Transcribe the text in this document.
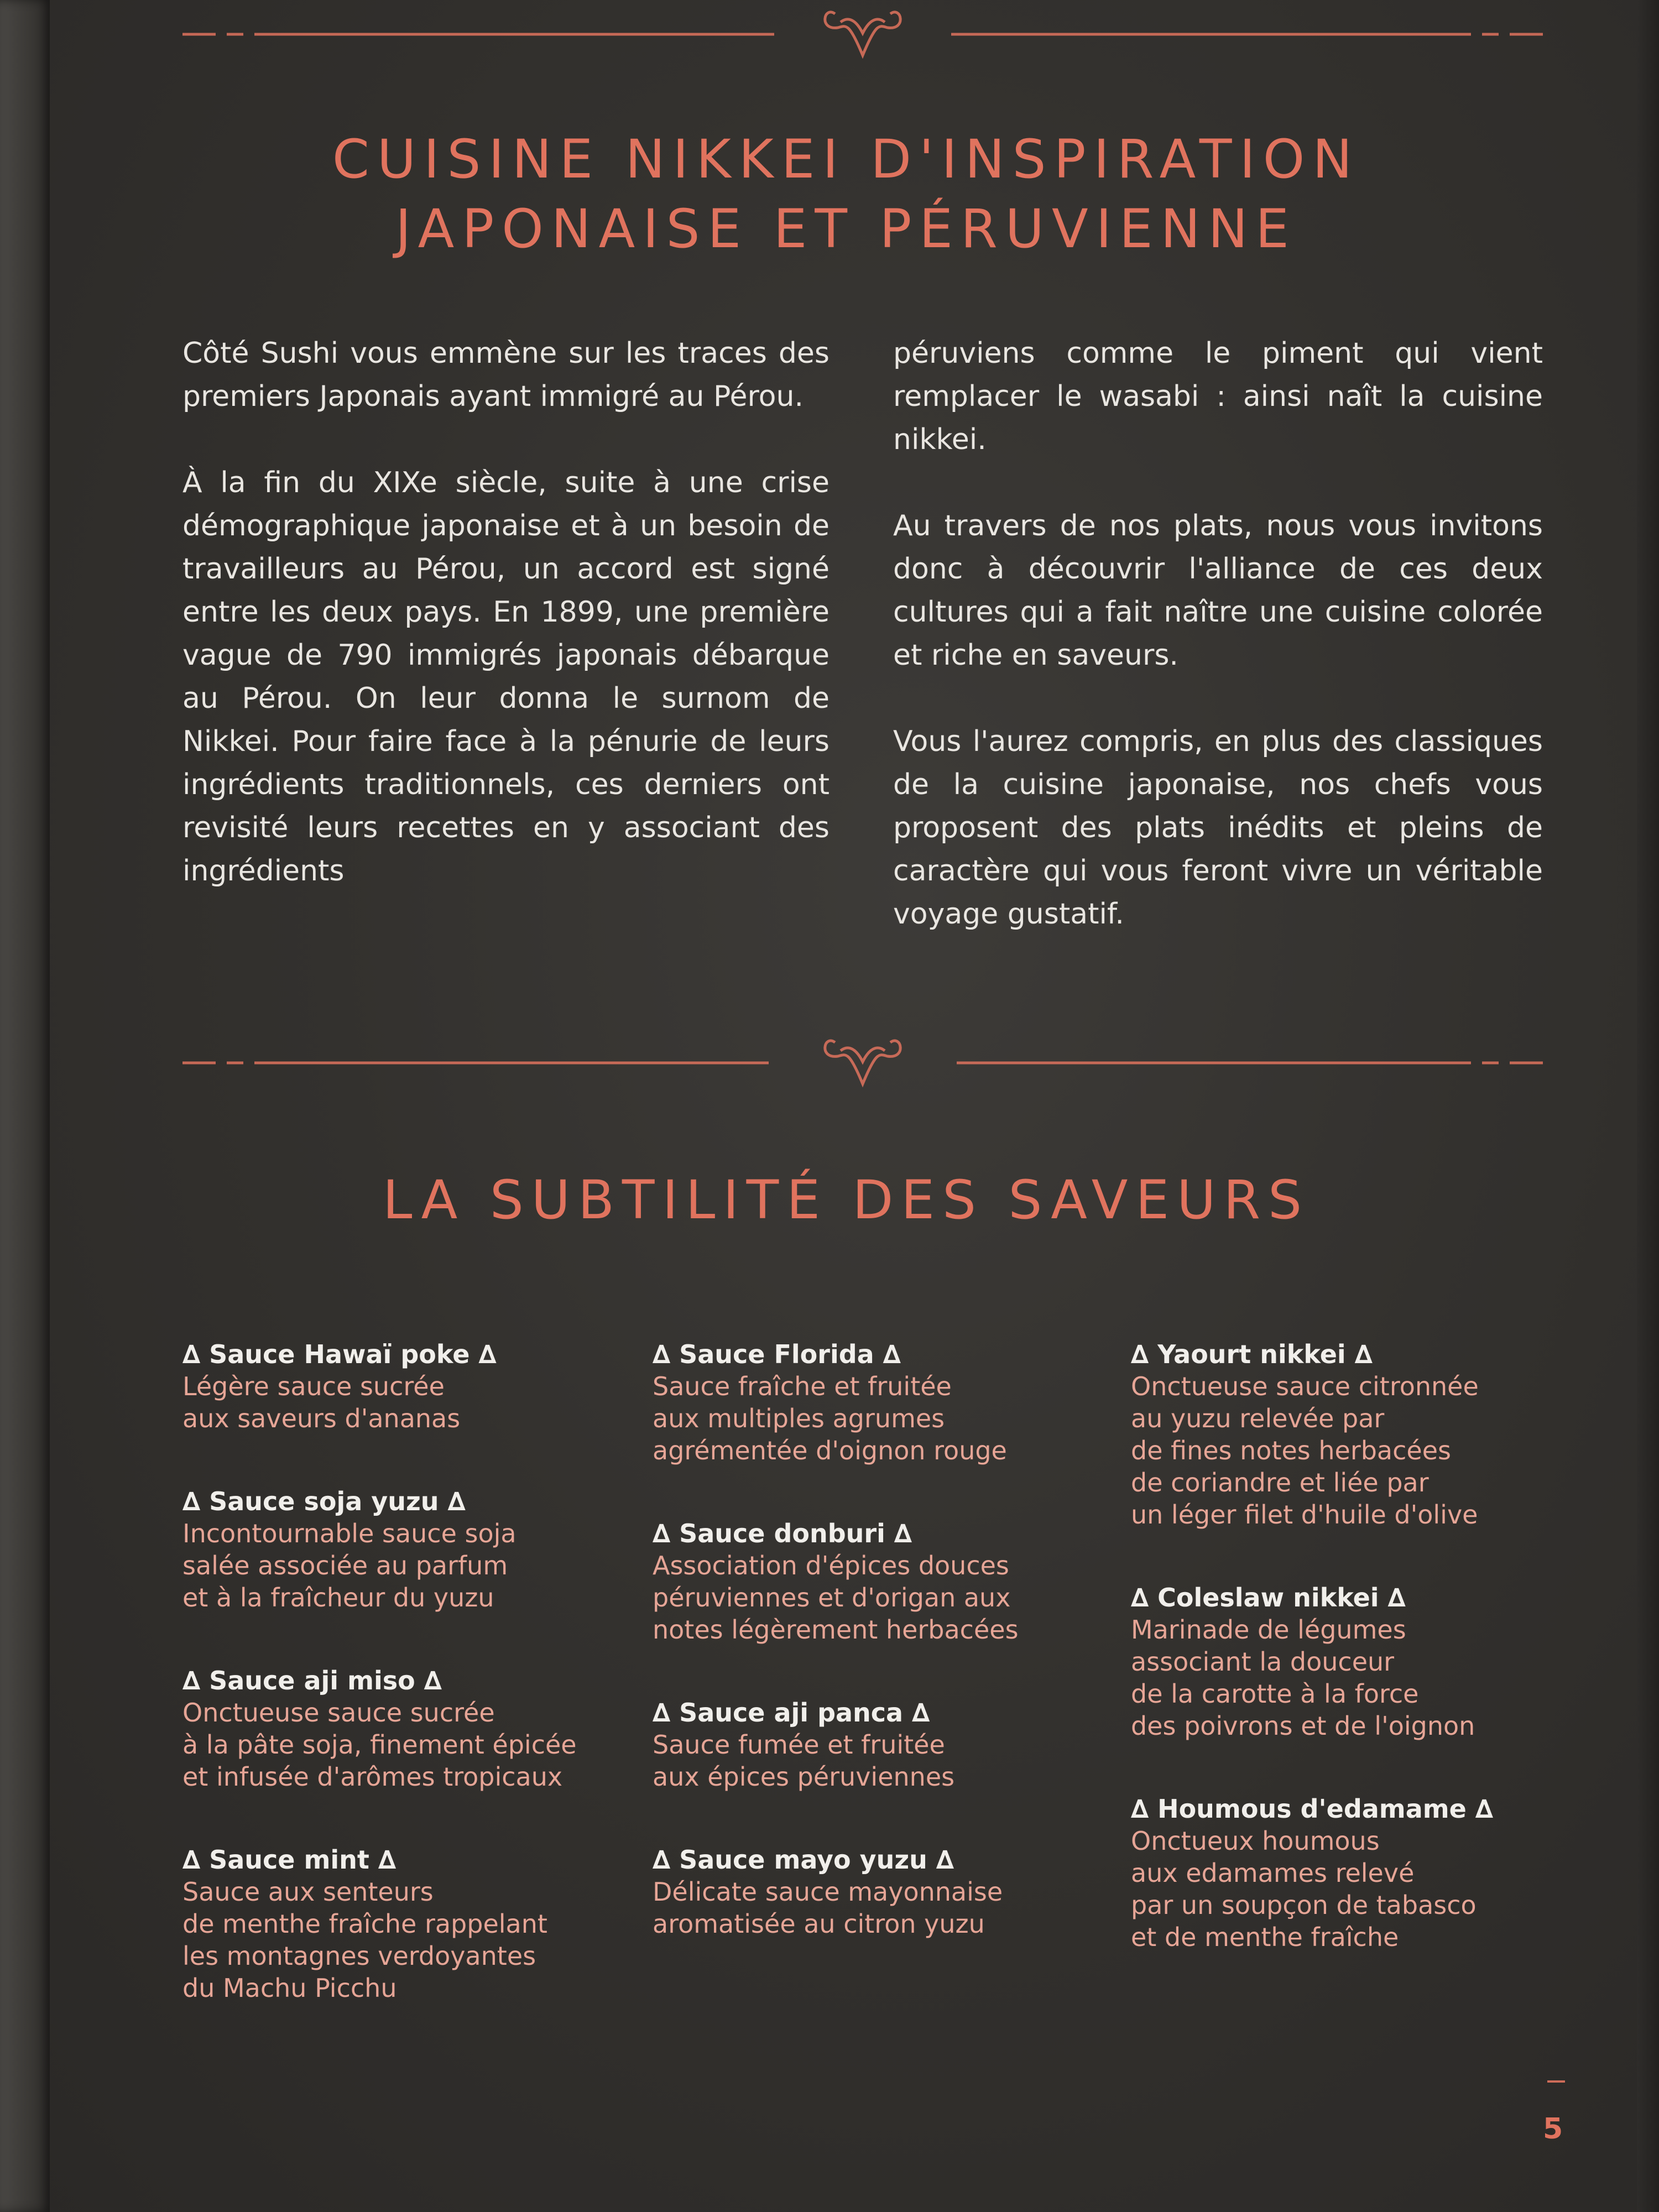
CUISINE NIKKEI D'INSPIRATION
JAPONAISE ET PÉRUVIENNE

Côté Sushi vous emmène sur les traces des premiers Japonais ayant immigré au Pérou.

À la fin du XIXe siècle, suite à une crise démographique japonaise et à un besoin de travailleurs au Pérou, un accord est signé entre les deux pays. En 1899, une première vague de 790 immigrés japonais débarque au Pérou. On leur donna le surnom de Nikkei. Pour faire face à la pénurie de leurs ingrédients traditionnels, ces derniers ont revisité leurs recettes en y associant des ingrédients

péruviens comme le piment qui vient remplacer le wasabi : ainsi naît la cuisine nikkei.

Au travers de nos plats, nous vous invitons donc à découvrir l'alliance de ces deux cultures qui a fait naître une cuisine colorée et riche en saveurs.

Vous l'aurez compris, en plus des classiques de la cuisine japonaise, nos chefs vous proposent des plats inédits et pleins de caractère qui vous feront vivre un véritable voyage gustatif.

LA SUBTILITÉ DES SAVEURS
∆ Sauce Hawaï poke ∆
Légère sauce sucrée
aux saveurs d'ananas
∆ Sauce soja yuzu ∆
Incontournable sauce soja
salée associée au parfum
et à la fraîcheur du yuzu
∆ Sauce aji miso ∆
Onctueuse sauce sucrée
à la pâte soja, finement épicée
et infusée d'arômes tropicaux
∆ Sauce mint ∆
Sauce aux senteurs
de menthe fraîche rappelant
les montagnes verdoyantes
du Machu Picchu
∆ Sauce Florida ∆
Sauce fraîche et fruitée
aux multiples agrumes
agrémentée d'oignon rouge
∆ Sauce donburi ∆
Association d'épices douces
péruviennes et d'origan aux
notes légèrement herbacées
∆ Sauce aji panca ∆
Sauce fumée et fruitée
aux épices péruviennes
∆ Sauce mayo yuzu ∆
Délicate sauce mayonnaise
aromatisée au citron yuzu
∆ Yaourt nikkei ∆
Onctueuse sauce citronnée
au yuzu relevée par
de fines notes herbacées
de coriandre et liée par
un léger filet d'huile d'olive
∆ Coleslaw nikkei ∆
Marinade de légumes
associant la douceur
de la carotte à la force
des poivrons et de l'oignon
∆ Houmous d'edamame ∆
Onctueux houmous
aux edamames relevé
par un soupçon de tabasco
et de menthe fraîche
5
